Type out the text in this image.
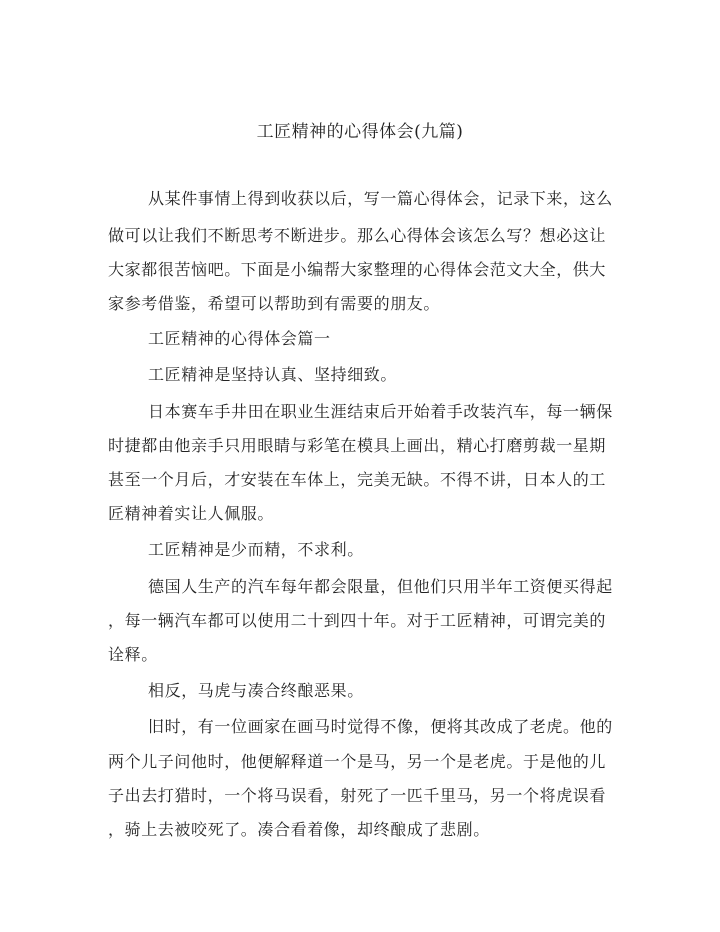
工匠精神的心得体会(九篇)
从某件事情上得到收获以后，写一篇心得体会，记录下来，这么
做可以让我们不断思考不断进步。那么心得体会该怎么写？想必这让
大家都很苦恼吧。下面是小编帮大家整理的心得体会范文大全，供大
家参考借鉴，希望可以帮助到有需要的朋友。
工匠精神的心得体会篇一
工匠精神是坚持认真、坚持细致。
日本赛车手井田在职业生涯结束后开始着手改装汽车，每一辆保
时捷都由他亲手只用眼睛与彩笔在模具上画出，精心打磨剪裁一星期
甚至一个月后，才安装在车体上，完美无缺。不得不讲，日本人的工
匠精神着实让人佩服。
工匠精神是少而精，不求利。
德国人生产的汽车每年都会限量，但他们只用半年工资便买得起
，每一辆汽车都可以使用二十到四十年。对于工匠精神，可谓完美的
诠释。
相反，马虎与凑合终酿恶果。
旧时，有一位画家在画马时觉得不像，便将其改成了老虎。他的
两个儿子问他时，他便解释道一个是马，另一个是老虎。于是他的儿
子出去打猎时，一个将马误看，射死了一匹千里马，另一个将虎误看
，骑上去被咬死了。凑合看着像，却终酿成了悲剧。
